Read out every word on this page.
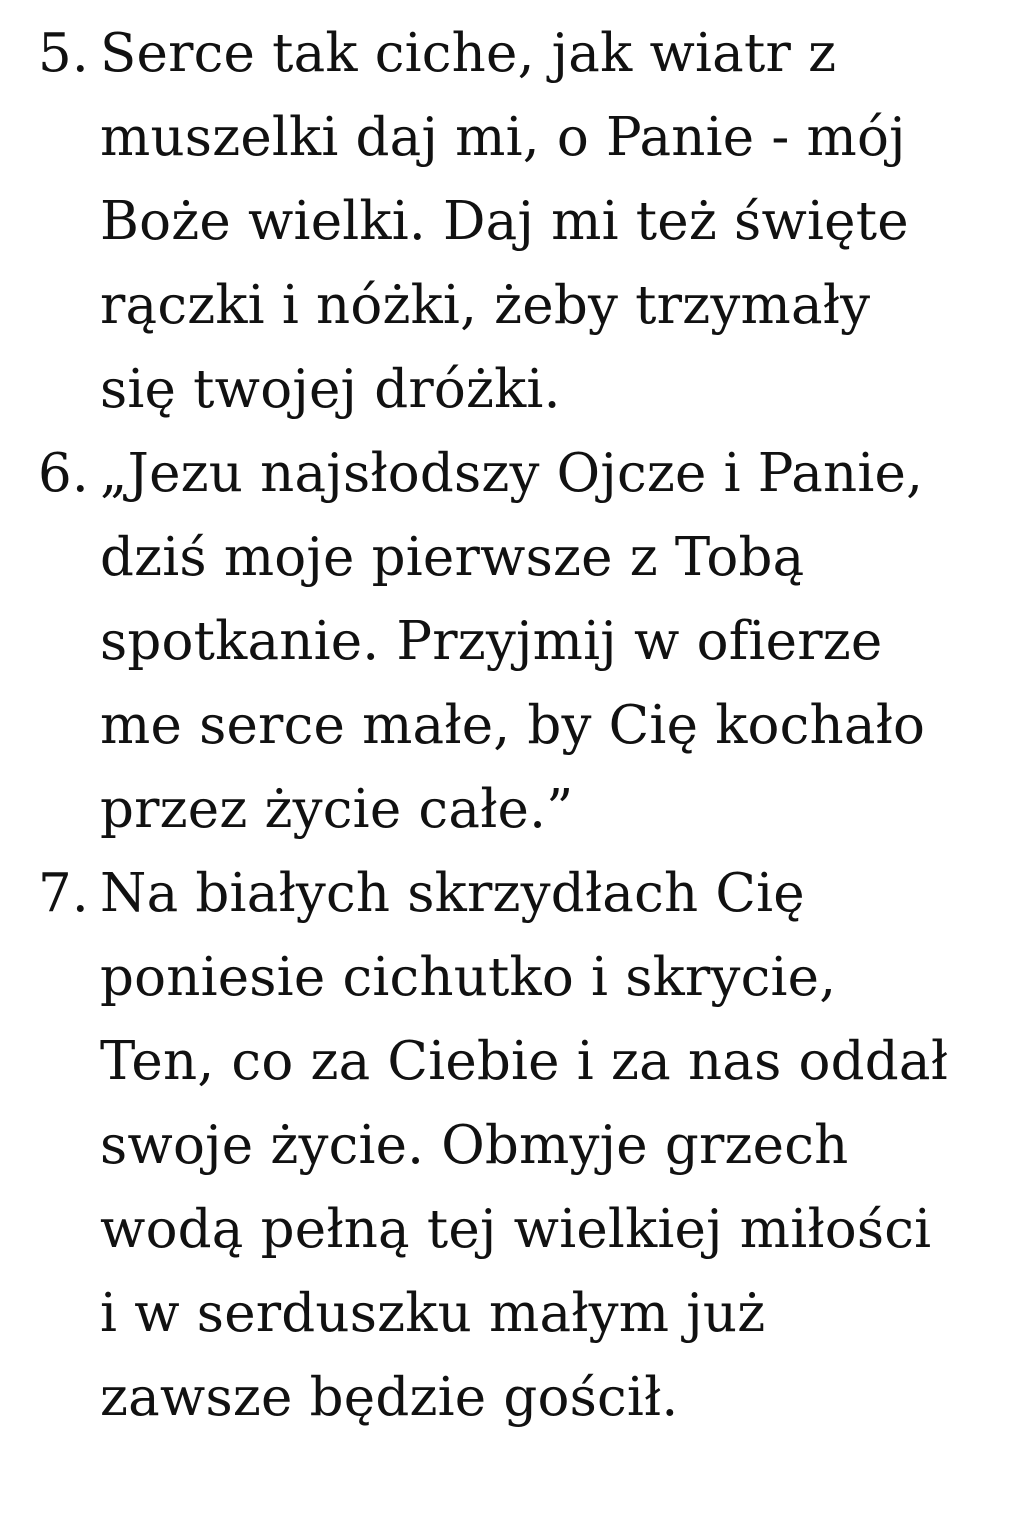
5. Serce tak ciche, jak wiatr z
muszelki daj mi, o Panie - mój
Boże wielki. Daj mi też święte
rączki i nóżki, żeby trzymały
się twojej dróżki.
6. „Jezu najsłodszy Ojcze i Panie,
dziś moje pierwsze z Tobą
spotkanie. Przyjmij w ofierze
me serce małe, by Cię kochało
przez życie całe.”
7. Na białych skrzydłach Cię
poniesie cichutko i skrycie,
Ten, co za Ciebie i za nas oddał
swoje życie. Obmyje grzech
wodą pełną tej wielkiej miłości
i w serduszku małym już
zawsze będzie gościł.
